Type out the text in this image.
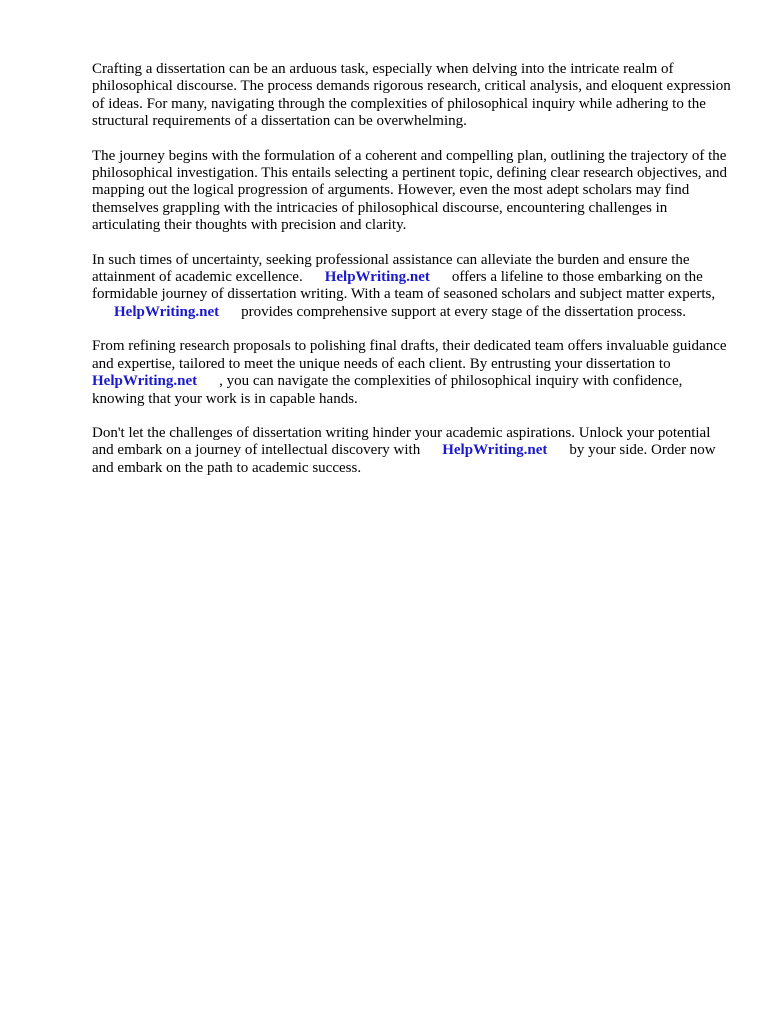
Crafting a dissertation can be an arduous task, especially when delving into the intricate realm of philosophical discourse. The process demands rigorous research, critical analysis, and eloquent expression of ideas. For many, navigating through the complexities of philosophical inquiry while adhering to the structural requirements of a dissertation can be overwhelming.

The journey begins with the formulation of a coherent and compelling plan, outlining the trajectory of the philosophical investigation. This entails selecting a pertinent topic, defining clear research objectives, and mapping out the logical progression of arguments. However, even the most adept scholars may find themselves grappling with the intricacies of philosophical discourse, encountering challenges in articulating their thoughts with precision and clarity.

In such times of uncertainty, seeking professional assistance can alleviate the burden and ensure the attainment of academic excellence. HelpWriting.net offers a lifeline to those embarking on the formidable journey of dissertation writing. With a team of seasoned scholars and subject matter experts,HelpWriting.net provides comprehensive support at every stage of the dissertation process.

From refining research proposals to polishing final drafts, their dedicated team offers invaluable guidance and expertise, tailored to meet the unique needs of each client. By entrusting your dissertation toHelpWriting.net , you can navigate the complexities of philosophical inquiry with confidence, knowing that your work is in capable hands.

Don't let the challenges of dissertation writing hinder your academic aspirations. Unlock your potential and embark on a journey of intellectual discovery with HelpWriting.net by your side. Order now and embark on the path to academic success.
